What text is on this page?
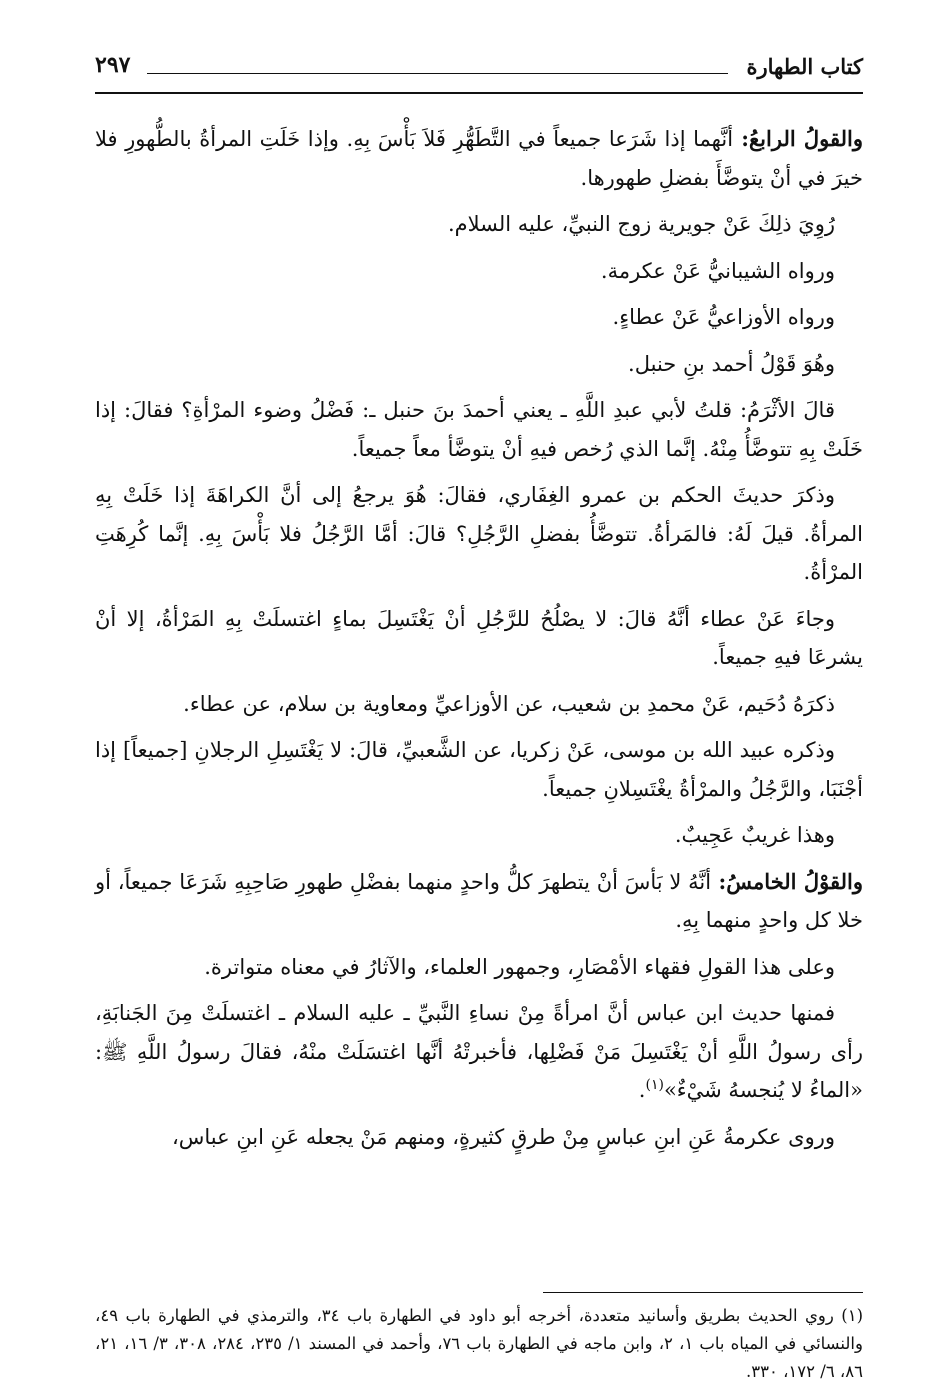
كتاب الطهارة
٢٩٧

والقولُ الرابعُ: أنَّهما إذا شَرَعا جميعاً في التَّطَهُّرِ فَلاَ بَأْسَ بِهِ. وإذا خَلَتِ المرأةُ بالطُّهورِ فلا خيرَ في أنْ يتوضَّأَ بفضلِ طهورها.

رُوِيَ ذلِكَ عَنْ جويرية زوج النبيِّ، عليه السلام.

ورواه الشيبانيُّ عَنْ عكرمة.

ورواه الأوزاعيُّ عَنْ عطاءٍ.

وهُوَ قَوْلُ أحمد بنِ حنبل.

قالَ الأثْرَمُ: قلتُ لأبي عبدِ اللَّهِ ـ يعني أحمدَ بنَ حنبل ـ: فَضْلُ وضوء المرْأةِ؟ فقالَ: إذا خَلَتْ بِهِ تتوضَّأُ مِنْهُ. إنَّما الذي رُخص فيهِ أنْ يتوضَّأ معاً جميعاً.

وذكرَ حديثَ الحكم بن عمرو الغِفَاري، فقالَ: هُوَ يرجعُ إلى أنَّ الكراهَةَ إذا خَلَتْ بِهِ المرأةُ. قيلَ لَهُ: فالمَرأةُ. تتوضَّأُ بفضلِ الرَّجُلِ؟ قالَ: أمَّا الرَّجُلُ فلا بَأْسَ بِهِ. إنَّما كُرِهَتِ المرْأةُ.

وجاءَ عَنْ عطاء أنَّهُ قالَ: لا يصْلُحُ للرَّجُلِ أنْ يَغْتَسِلَ بماءٍ اغتسلَتْ بِهِ المَرْأةُ، إلا أنْ يشرعَا فيهِ جميعاً.

ذكرَهُ دُحَيم، عَنْ محمدِ بن شعيب، عن الأوزاعيِّ ومعاوية بن سلام، عن عطاء.

وذكره عبيد الله بن موسى، عَنْ زكريا، عن الشَّعبيِّ، قالَ: لا يَغْتَسِلِ الرجلانِ [جميعاً] إذا أجْنَبَا، والرَّجُلُ والمرْأةُ يغْتَسِلانِ جميعاً.

وهذا غريبٌ عَجِيبٌ.

والقوْلُ الخامسُ: أنَّهُ لا بَأسَ أنْ يتطهرَ كلُّ واحدٍ منهما بفضْلِ طهورِ صَاحِبِهِ شَرَعَا جميعاً، أو خلا كل واحدٍ منهما بِهِ.

وعلى هذا القولِ فقهاء الأمْصَارِ، وجمهور العلماء، والآثارُ في معناه متواترة.

فمنها حديث ابن عباس أنَّ امرأةً مِنْ نساءِ النَّبيِّ ـ عليه السلام ـ اغتسلَتْ مِنَ الجَنابَةِ، رأى رسولُ اللَّهِ أنْ يَغْتَسِلَ مَنْ فَضْلِها، فأخبرتْهُ أنَّها اغتسَلَتْ منْهُ، فقالَ رسولُ اللَّهِ ﷺ: «الماءُ لا يُنجسهُ شَيْءٌ»$^{(١)}$.

وروى عكرمةُ عَنِ ابنِ عباسٍ مِنْ طرقٍ كثيرةٍ، ومنهم مَنْ يجعله عَنِ ابنِ عباس،

(١) روي الحديث بطريق وأسانيد متعددة، أخرجه أبو داود في الطهارة باب ٣٤، والترمذي في الطهارة باب ٤٩، والنسائي في المياه باب ١، ٢، وابن ماجه في الطهارة باب ٧٦، وأحمد في المسند ١/ ٢٣٥، ٢٨٤، ٣٠٨، ٣/ ١٦، ٢١، ٨٦، ٦/ ١٧٢، ٣٣٠.
